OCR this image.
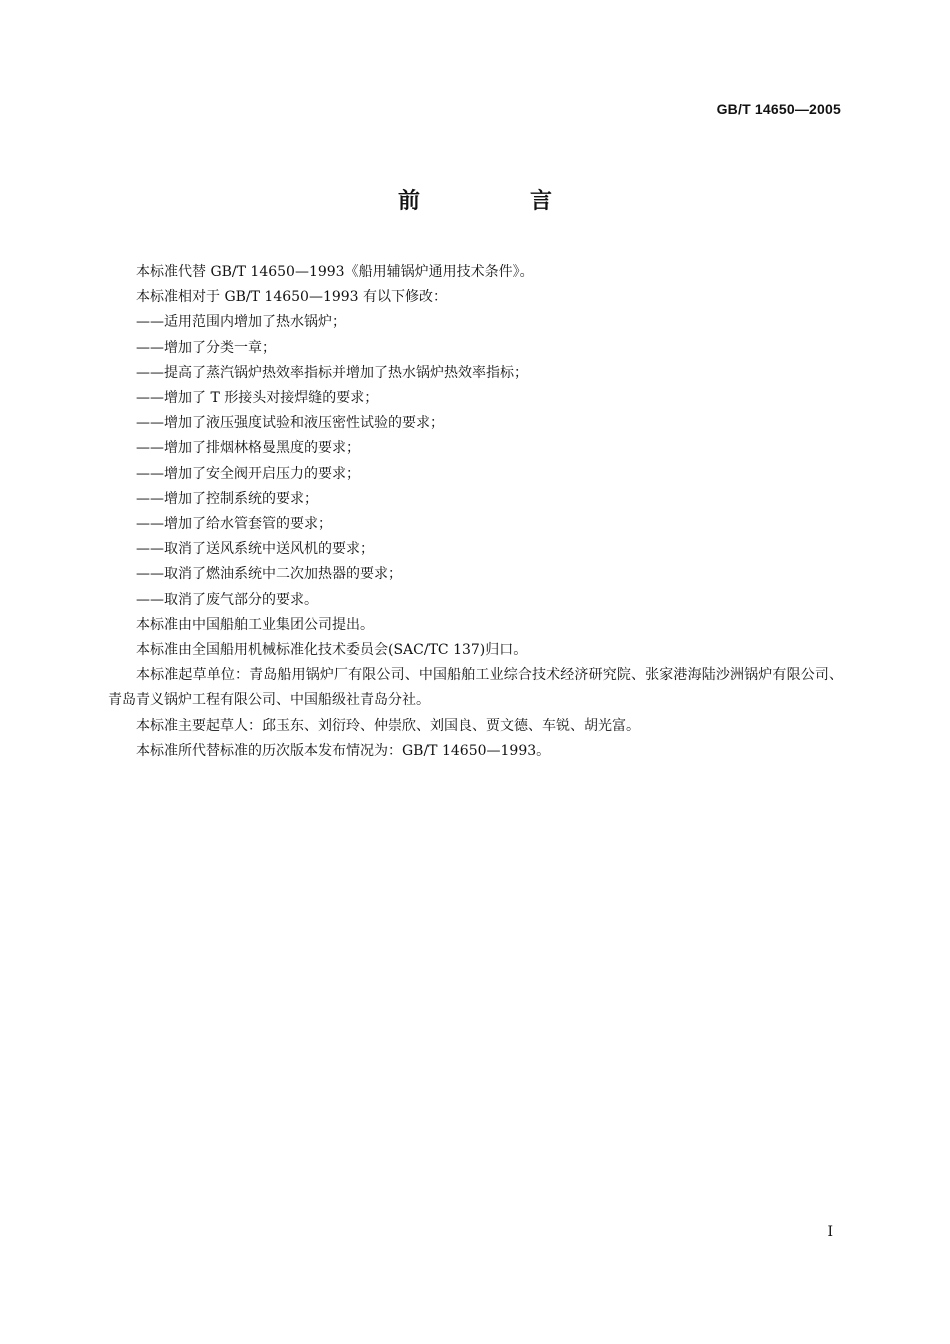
GB/T 14650—2005
前　言

本标准代替 GB/T 14650—1993《船用辅锅炉通用技术条件》。

本标准相对于 GB/T 14650—1993 有以下修改：

——适用范围内增加了热水锅炉；

——增加了分类一章；

——提高了蒸汽锅炉热效率指标并增加了热水锅炉热效率指标；

——增加了 T 形接头对接焊缝的要求；

——增加了液压强度试验和液压密性试验的要求；

——增加了排烟林格曼黑度的要求；

——增加了安全阀开启压力的要求；

——增加了控制系统的要求；

——增加了给水管套管的要求；

——取消了送风系统中送风机的要求；

——取消了燃油系统中二次加热器的要求；

——取消了废气部分的要求。

本标准由中国船舶工业集团公司提出。

本标准由全国船用机械标准化技术委员会(SAC/TC 137)归口。

本标准起草单位：青岛船用锅炉厂有限公司、中国船舶工业综合技术经济研究院、张家港海陆沙洲锅炉有限公司、青岛青义锅炉工程有限公司、中国船级社青岛分社。

本标准主要起草人：邱玉东、刘衍玲、仲崇欣、刘国良、贾文德、车锐、胡光富。

本标准所代替标准的历次版本发布情况为：GB/T 14650—1993。

I
